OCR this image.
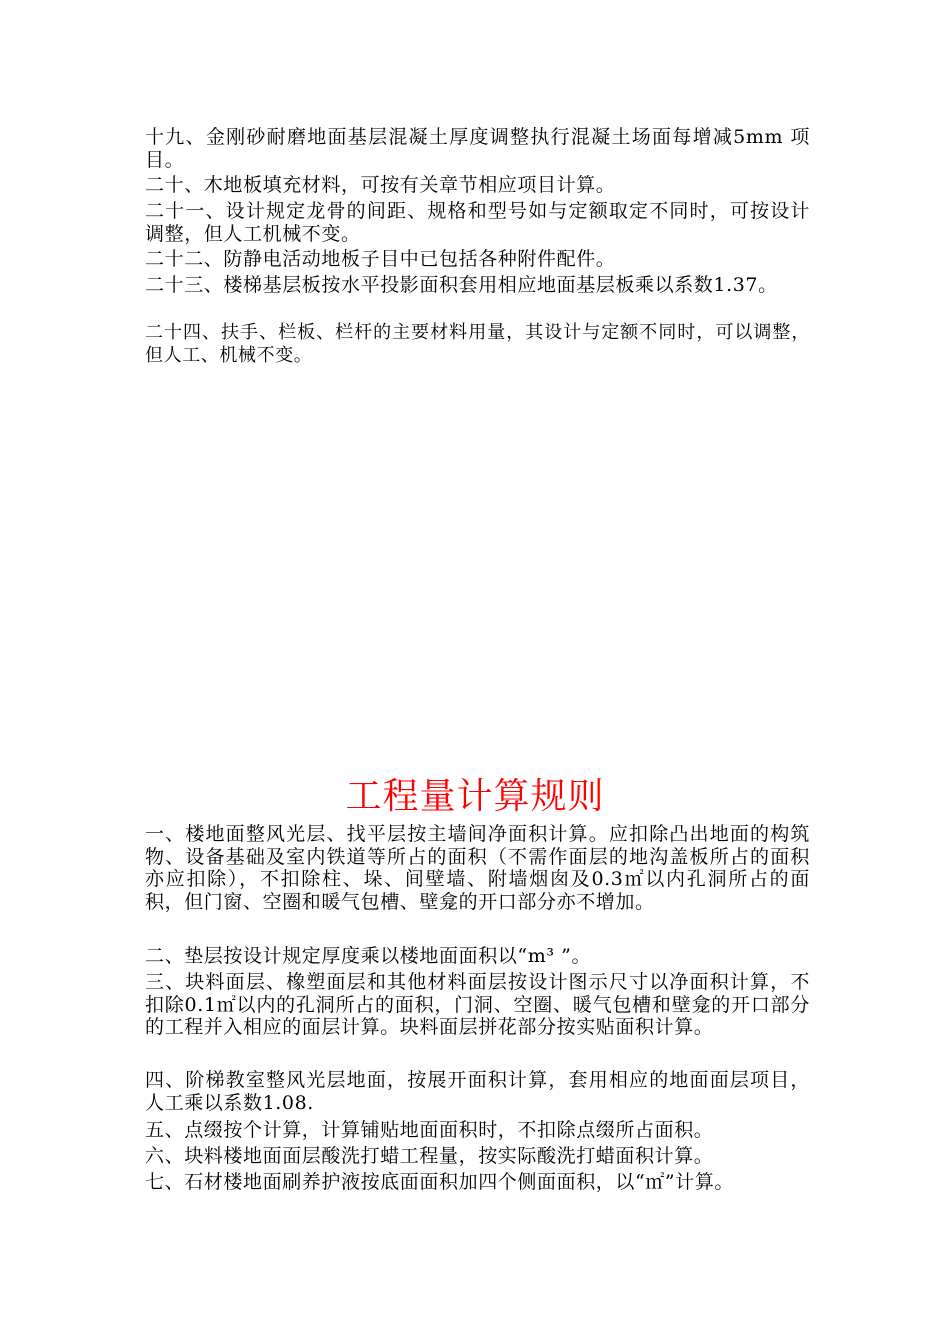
十九、金刚砂耐磨地面基层混凝土厚度调整执行混凝土场面每增减5mm 项目。

二十、木地板填充材料，可按有关章节相应项目计算。

二十一、设计规定龙骨的间距、规格和型号如与定额取定不同时，可按设计调整，但人工机械不变。

二十二、防静电活动地板子目中已包括各种附件配件。

二十三、楼梯基层板按水平投影面积套用相应地面基层板乘以系数1.37。

二十四、扶手、栏板、栏杆的主要材料用量，其设计与定额不同时，可以调整，但人工、机械不变。

工程量计算规则

一、楼地面整风光层、找平层按主墙间净面积计算。应扣除凸出地面的构筑物、设备基础及室内铁道等所占的面积（不需作面层的地沟盖板所占的面积亦应扣除），不扣除柱、垛、间壁墙、附墙烟囱及0.3㎡以内孔洞所占的面积，但门窗、空圈和暖气包槽、壁龛的开口部分亦不增加。

二、垫层按设计规定厚度乘以楼地面面积以“m³ ”。

三、块料面层、橡塑面层和其他材料面层按设计图示尺寸以净面积计算，不扣除0.1㎡以内的孔洞所占的面积，门洞、空圈、暖气包槽和壁龛的开口部分的工程并入相应的面层计算。块料面层拼花部分按实贴面积计算。

四、阶梯教室整风光层地面，按展开面积计算，套用相应的地面面层项目，人工乘以系数1.08.

五、点缀按个计算，计算铺贴地面面积时，不扣除点缀所占面积。

六、块料楼地面面层酸洗打蜡工程量，按实际酸洗打蜡面积计算。

七、石材楼地面刷养护液按底面面积加四个侧面面积，以“㎡”计算。
